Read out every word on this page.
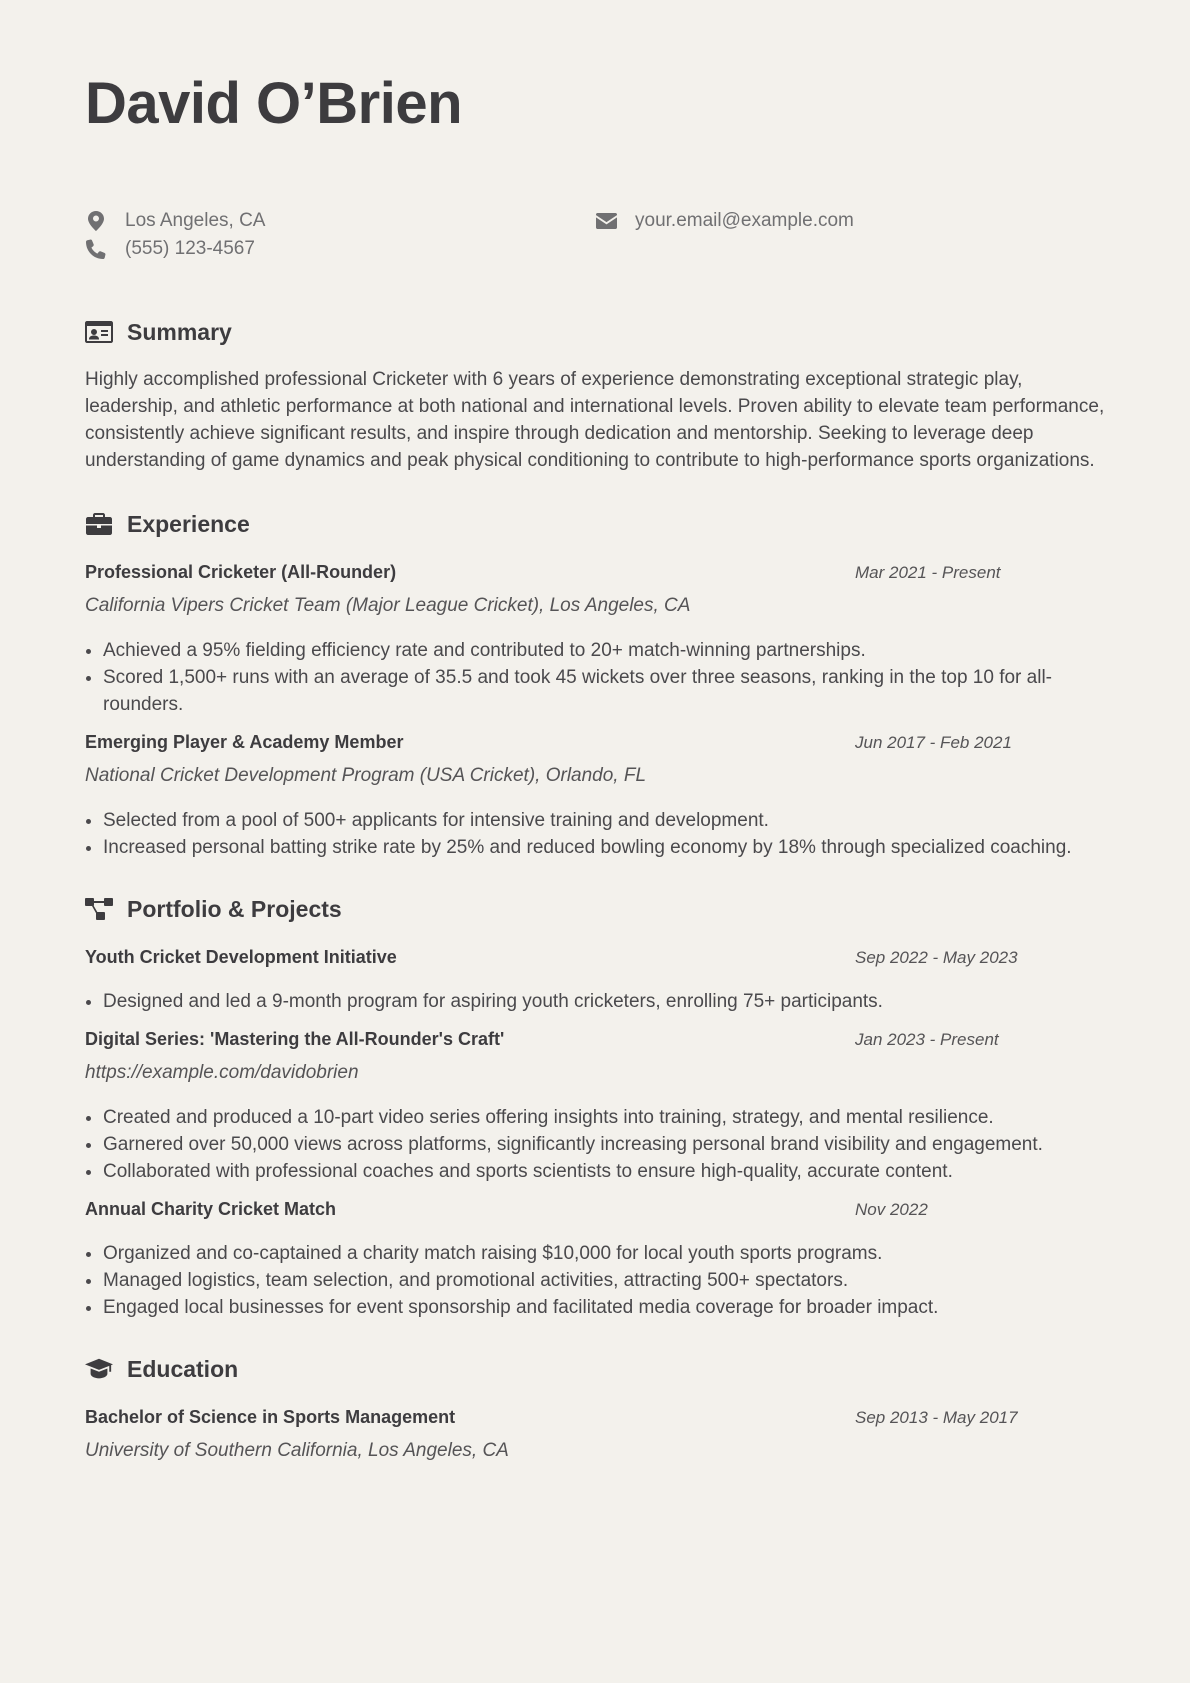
David O’Brien
Los Angeles, CA
(555) 123-4567
your.email@example.com
Summary

Highly accomplished professional Cricketer with 6 years of experience demonstrating exceptional strategic play, leadership, and athletic performance at both national and international levels. Proven ability to elevate team performance, consistently achieve significant results, and inspire through dedication and mentorship. Seeking to leverage deep understanding of game dynamics and peak physical conditioning to contribute to high-performance sports organizations.

Experience
Professional Cricketer (All-Rounder)	Mar 2021 - Present
California Vipers Cricket Team (Major League Cricket), Los Angeles, CA
• Achieved a 95% fielding efficiency rate and contributed to 20+ match-winning partnerships.
• Scored 1,500+ runs with an average of 35.5 and took 45 wickets over three seasons, ranking in the top 10 for all-rounders.
Emerging Player & Academy Member	Jun 2017 - Feb 2021
National Cricket Development Program (USA Cricket), Orlando, FL
• Selected from a pool of 500+ applicants for intensive training and development.
• Increased personal batting strike rate by 25% and reduced bowling economy by 18% through specialized coaching.
Portfolio & Projects
Youth Cricket Development Initiative	Sep 2022 - May 2023
• Designed and led a 9-month program for aspiring youth cricketers, enrolling 75+ participants.
Digital Series: 'Mastering the All-Rounder's Craft'	Jan 2023 - Present
https://example.com/davidobrien
• Created and produced a 10-part video series offering insights into training, strategy, and mental resilience.
• Garnered over 50,000 views across platforms, significantly increasing personal brand visibility and engagement.
• Collaborated with professional coaches and sports scientists to ensure high-quality, accurate content.
Annual Charity Cricket Match	Nov 2022
• Organized and co-captained a charity match raising $10,000 for local youth sports programs.
• Managed logistics, team selection, and promotional activities, attracting 500+ spectators.
• Engaged local businesses for event sponsorship and facilitated media coverage for broader impact.
Education
Bachelor of Science in Sports Management	Sep 2013 - May 2017
University of Southern California, Los Angeles, CA
